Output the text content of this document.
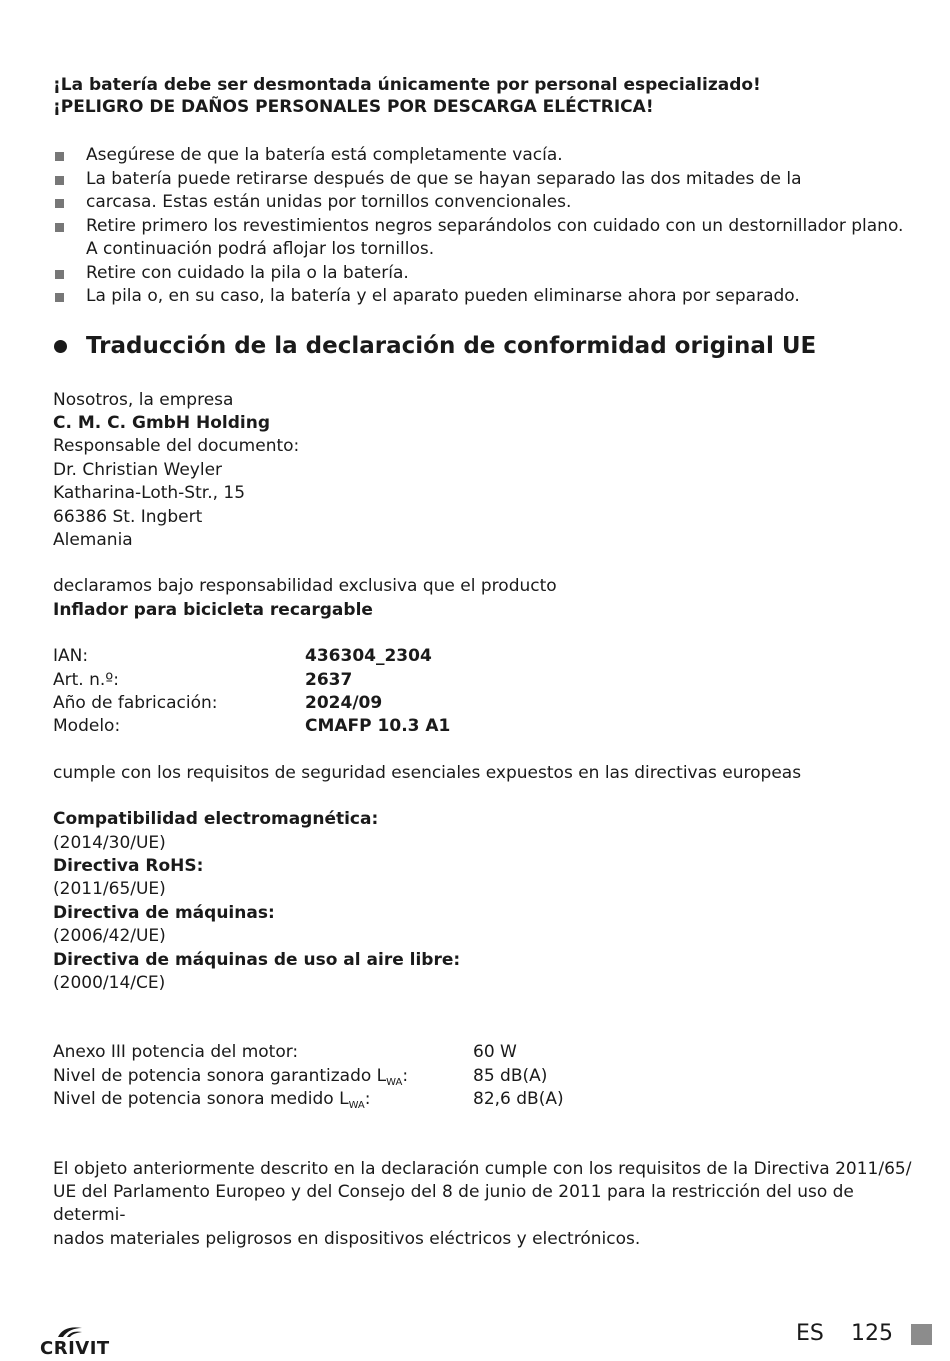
¡La batería debe ser desmontada únicamente por personal especializado!

¡PELIGRO DE DAÑOS PERSONALES POR DESCARGA ELÉCTRICA!

Asegúrese de que la batería está completamente vacía.
La batería puede retirarse después de que se hayan separado las dos mitades de la
carcasa. Estas están unidas por tornillos convencionales.
Retire primero los revestimientos negros separándolos con cuidado con un destornillador plano.
A continuación podrá aflojar los tornillos.
Retire con cuidado la pila o la batería.
La pila o, en su caso, la batería y el aparato pueden eliminarse ahora por separado.
Traducción de la declaración de conformidad original UE
Nosotros, la empresa
C. M. C. GmbH Holding
Responsable del documento:
Dr. Christian Weyler
Katharina-Loth-Str., 15
66386 St. Ingbert
Alemania
declaramos bajo responsabilidad exclusiva que el producto
Inflador para bicicleta recargable
IAN:	436304_2304
Art. n.º:	2637
Año de fabricación:	2024/09
Modelo:	CMAFP 10.3 A1
cumple con los requisitos de seguridad esenciales expuestos en las directivas europeas
Compatibilidad electromagnética:
(2014/30/UE)
Directiva RoHS:
(2011/65/UE)
Directiva de máquinas:
(2006/42/UE)
Directiva de máquinas de uso al aire libre:
(2000/14/CE)
Anexo III potencia del motor:	60 W
Nivel de potencia sonora garantizado $L_{WA}$:	85 dB(A)
Nivel de potencia sonora medido $L_{WA}$:	82,6 dB(A)
El objeto anteriormente descrito en la declaración cumple con los requisitos de la Directiva 2011/65/
UE del Parlamento Europeo y del Consejo del 8 de junio de 2011 para la restricción del uso de determi-
nados materiales peligrosos en dispositivos eléctricos y electrónicos.
CRIVIT
ES 125
